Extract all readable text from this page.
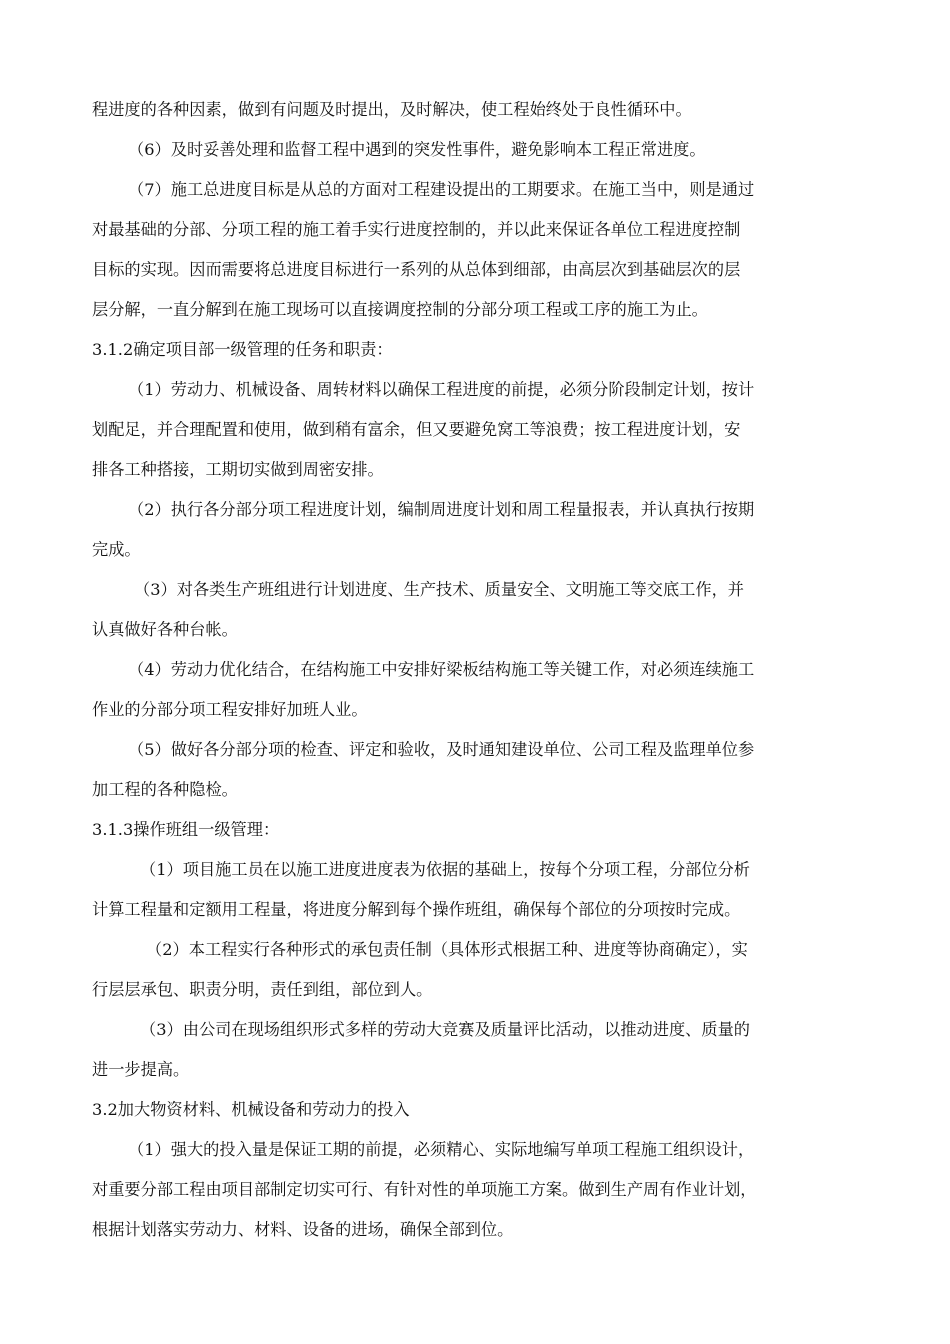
程进度的各种因素，做到有问题及时提出，及时解决，使工程始终处于良性循环中。
（6）及时妥善处理和监督工程中遇到的突发性事件，避免影响本工程正常进度。
（7）施工总进度目标是从总的方面对工程建设提出的工期要求。在施工当中，则是通过
对最基础的分部、分项工程的施工着手实行进度控制的，并以此来保证各单位工程进度控制
目标的实现。因而需要将总进度目标进行一系列的从总体到细部，由高层次到基础层次的层
层分解，一直分解到在施工现场可以直接调度控制的分部分项工程或工序的施工为止。
3.1.2确定项目部一级管理的任务和职责：
（1）劳动力、机械设备、周转材料以确保工程进度的前提，必须分阶段制定计划，按计
划配足，并合理配置和使用，做到稍有富余，但又要避免窝工等浪费；按工程进度计划，安
排各工种搭接，工期切实做到周密安排。
（2）执行各分部分项工程进度计划，编制周进度计划和周工程量报表，并认真执行按期
完成。
（3）对各类生产班组进行计划进度、生产技术、质量安全、文明施工等交底工作，并
认真做好各种台帐。
（4）劳动力优化结合，在结构施工中安排好梁板结构施工等关键工作，对必须连续施工
作业的分部分项工程安排好加班人业。
（5）做好各分部分项的检查、评定和验收，及时通知建设单位、公司工程及监理单位参
加工程的各种隐检。
3.1.3操作班组一级管理：
（1）项目施工员在以施工进度进度表为依据的基础上，按每个分项工程，分部位分析
计算工程量和定额用工程量，将进度分解到每个操作班组，确保每个部位的分项按时完成。
（2）本工程实行各种形式的承包责任制（具体形式根据工种、进度等协商确定），实
行层层承包、职责分明，责任到组，部位到人。
（3）由公司在现场组织形式多样的劳动大竞赛及质量评比活动，以推动进度、质量的
进一步提高。
3.2加大物资材料、机械设备和劳动力的投入
（1）强大的投入量是保证工期的前提，必须精心、实际地编写单项工程施工组织设计，
对重要分部工程由项目部制定切实可行、有针对性的单项施工方案。做到生产周有作业计划，
根据计划落实劳动力、材料、设备的进场，确保全部到位。
